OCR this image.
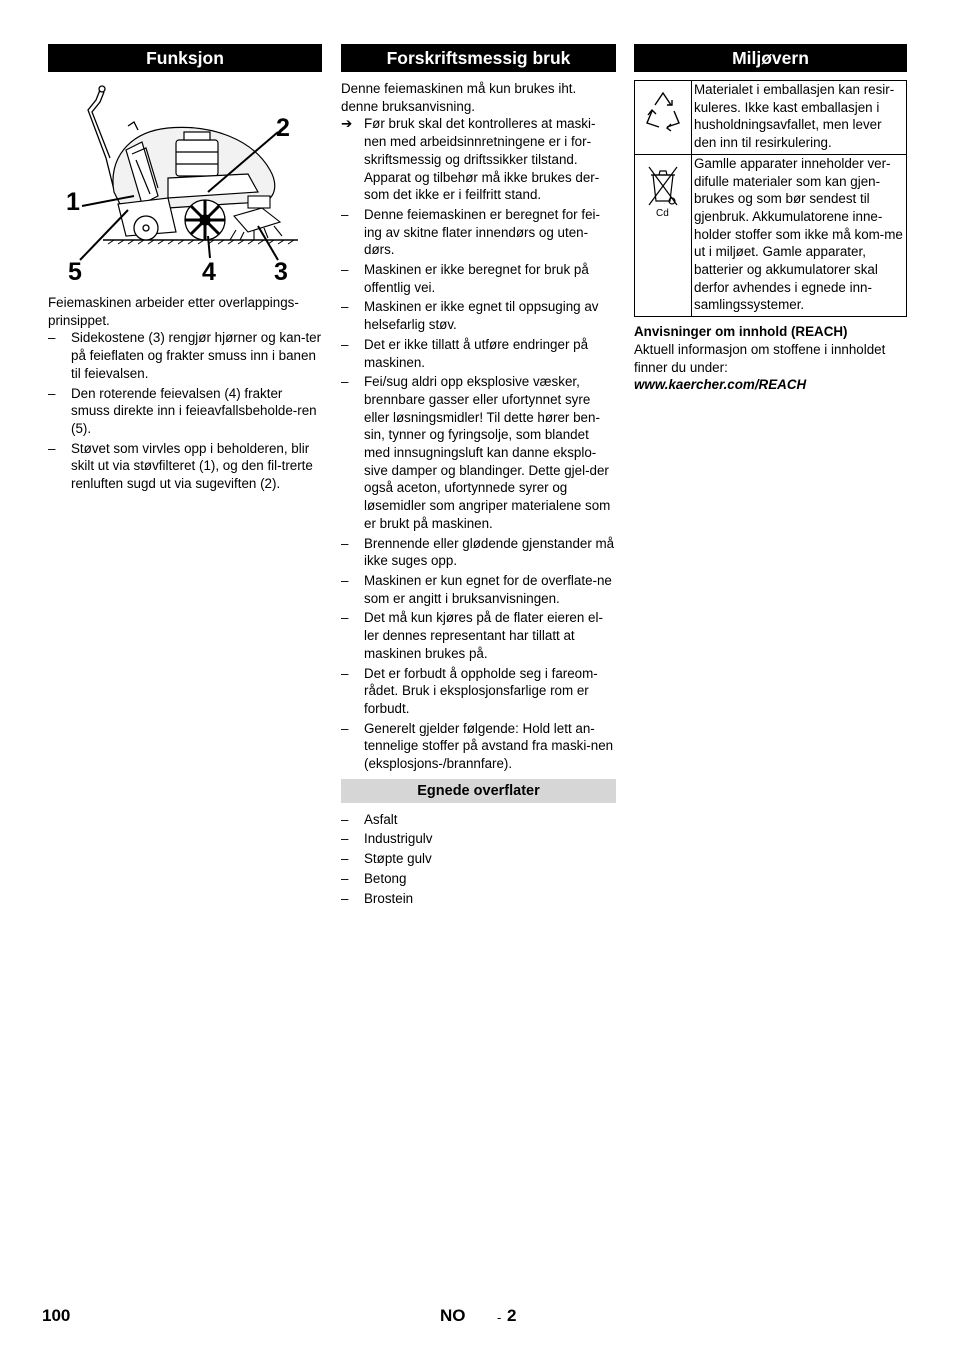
Funksjon
1
2
3
4
5

Feiemaskinen arbeider etter overlappings-prinsippet.

– Sidekostene (3) rengjør hjørner og kan-ter på feieflaten og frakter smuss inn i banen til feievalsen.
– Den roterende feievalsen (4) frakter smuss direkte inn i feieavfallsbeholde-ren (5).
– Støvet som virvles opp i beholderen, blir skilt ut via støvfilteret (1), og den fil-trerte renluften sugd ut via sugeviften (2).
Forskriftsmessig bruk

Denne feiemaskinen må kun brukes iht. denne bruksanvisning.

➔ Før bruk skal det kontrolleres at maski-nen med arbeidsinnretningene er i for-skriftsmessig og driftssikker tilstand. Apparat og tilbehør må ikke brukes der-som det ikke er i feilfritt stand.
– Denne feiemaskinen er beregnet for fei-ing av skitne flater innendørs og uten-dørs.
– Maskinen er ikke beregnet for bruk på offentlig vei.
– Maskinen er ikke egnet til oppsuging av helsefarlig støv.
– Det er ikke tillatt å utføre endringer på maskinen.
– Fei/sug aldri opp eksplosive væsker, brennbare gasser eller ufortynnet syre eller løsningsmidler! Til dette hører ben-sin, tynner og fyringsolje, som blandet med innsugningsluft kan danne eksplo-sive damper og blandinger. Dette gjel-der også aceton, ufortynnede syrer og løsemidler som angriper materialene som er brukt på maskinen.
– Brennende eller glødende gjenstander må ikke suges opp.
– Maskinen er kun egnet for de overflate-ne som er angitt i bruksanvisningen.
– Det må kun kjøres på de flater eieren el-ler dennes representant har tillatt at maskinen brukes på.
– Det er forbudt å oppholde seg i fareom-rådet. Bruk i eksplosjonsfarlige rom er forbudt.
– Generelt gjelder følgende: Hold lett an-tennelige stoffer på avstand fra maski-nen (eksplosjons-/brannfare).
Egnede overflater
– Asfalt
– Industrigulv
– Støpte gulv
– Betong
– Brostein
Miljøvern
	Materialet i emballasjen kan resir-kuleres. Ikke kast emballasjen i husholdningsavfallet, men lever den inn til resirkulering.

Cd	Gamlle apparater inneholder ver-difulle materialer som kan gjen-brukes og som bør sendest til gjenbruk. Akkumulatorene inne-holder stoffer som ikke må kom-me ut i miljøet. Gamle apparater, batterier og akkumulatorer skal derfor avhendes i egnede inn-samlingssystemer.

Anvisninger om innhold (REACH)

Aktuell informasjon om stoffene i innholdet finner du under:

www.kaercher.com/REACH

100	NO - 2
